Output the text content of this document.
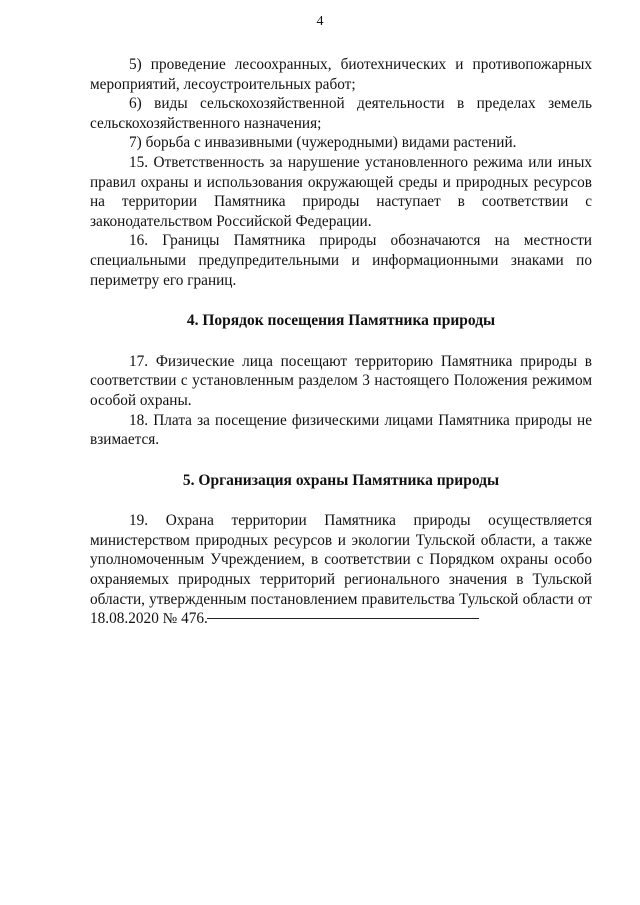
4

5) проведение лесоохранных, биотехнических и противопожарных мероприятий, лесоустроительных работ;

6) виды сельскохозяйственной деятельности в пределах земель сельскохозяйственного назначения;

7) борьба с инвазивными (чужеродными) видами растений.

15. Ответственность за нарушение установленного режима или иных правил охраны и использования окружающей среды и природных ресурсов на территории Памятника природы наступает в соответствии с законодательством Российской Федерации.

16. Границы Памятника природы обозначаются на местности специальными предупредительными и информационными знаками по периметру его границ.

4. Порядок посещения Памятника природы

17. Физические лица посещают территорию Памятника природы в соответствии с установленным разделом 3 настоящего Положения режимом особой охраны.

18. Плата за посещение физическими лицами Памятника природы не взимается.

5. Организация охраны Памятника природы

19. Охрана территории Памятника природы осуществляется министерством природных ресурсов и экологии Тульской области, а также уполномоченным Учреждением, в соответствии с Порядком охраны особо охраняемых природных территорий регионального значения в Тульской области, утвержденным постановлением правительства Тульской области от 18.08.2020 № 476.
